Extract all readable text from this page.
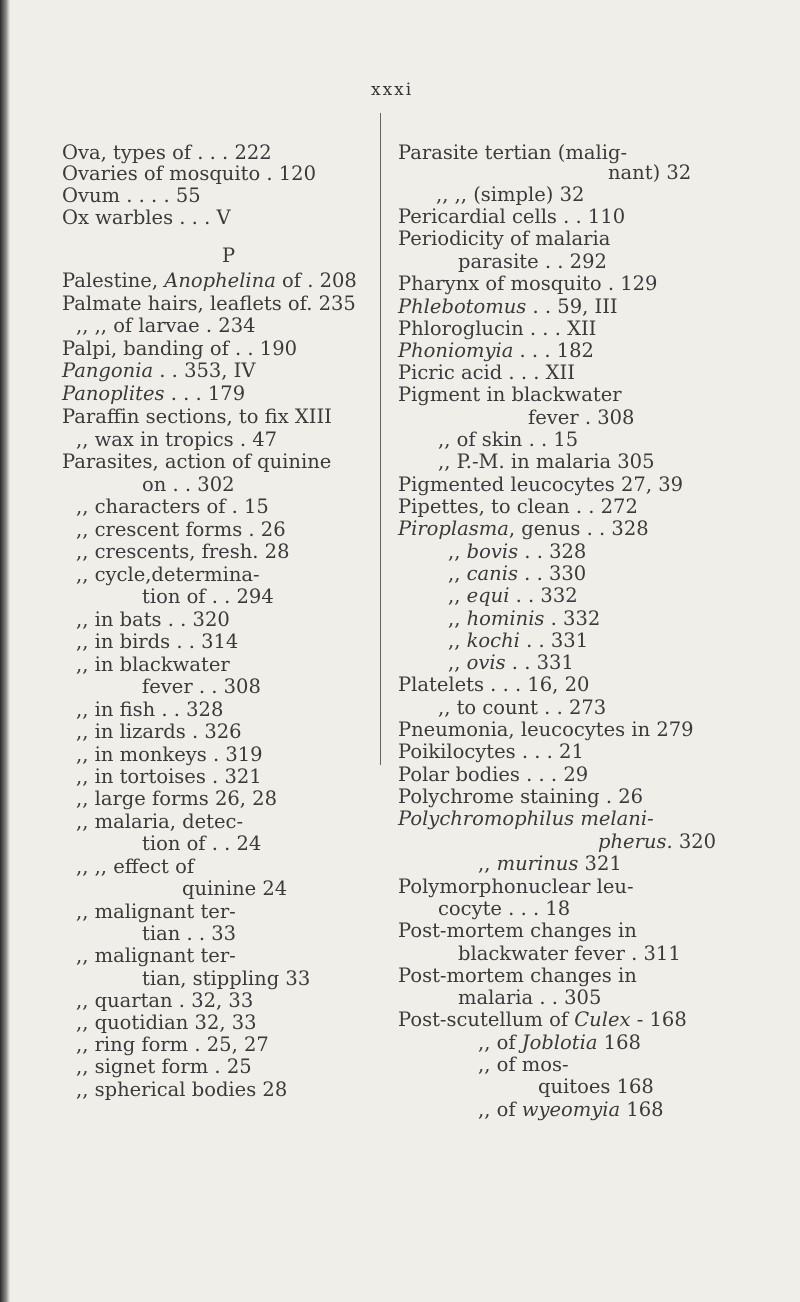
xxxi
Ova, types of . . . 222
Ovaries of mosquito . 120
Ovum . . . . 55
Ox warbles . . . V
P
Palestine, Anophelina of . 208
Palmate hairs, leaflets of. 235
,, ,, of larvae . 234
Palpi, banding of . . 190
Pangonia . . 353, IV
Panoplites . . . 179
Paraffin sections, to fix XIII
,, wax in tropics . 47
Parasites, action of quinine
on . . 302
,, characters of . 15
,, crescent forms . 26
,, crescents, fresh. 28
,, cycle,determina-
tion of . . 294
,, in bats . . 320
,, in birds . . 314
,, in blackwater
fever . . 308
,, in fish . . 328
,, in lizards . 326
,, in monkeys . 319
,, in tortoises . 321
,, large forms 26, 28
,, malaria, detec-
tion of . . 24
,, ,, effect of
quinine 24
,, malignant ter-
tian . . 33
,, malignant ter-
tian, stippling 33
,, quartan . 32, 33
,, quotidian 32, 33
,, ring form . 25, 27
,, signet form . 25
,, spherical bodies 28
Parasite tertian (malig-
nant) 32
,, ,, (simple) 32
Pericardial cells . . 110
Periodicity of malaria
parasite . . 292
Pharynx of mosquito . 129
Phlebotomus . . 59, III
Phloroglucin . . . XII
Phoniomyia . . . 182
Picric acid . . . XII
Pigment in blackwater
fever . 308
,, of skin . . 15
,, P.-M. in malaria 305
Pigmented leucocytes 27, 39
Pipettes, to clean . . 272
Piroplasma, genus . . 328
,, bovis . . 328
,, canis . . 330
,, equi . . 332
,, hominis . 332
,, kochi . . 331
,, ovis . . 331
Platelets . . . 16, 20
,, to count . . 273
Pneumonia, leucocytes in 279
Poikilocytes . . . 21
Polar bodies . . . 29
Polychrome staining . 26
Polychromophilus melani-
pherus. 320
,, murinus 321
Polymorphonuclear leu-
cocyte . . . 18
Post-mortem changes in
blackwater fever . 311
Post-mortem changes in
malaria . . 305
Post-scutellum of Culex - 168
,, of Joblotia 168
,, of mos-
quitoes 168
,, of wyeomyia 168
